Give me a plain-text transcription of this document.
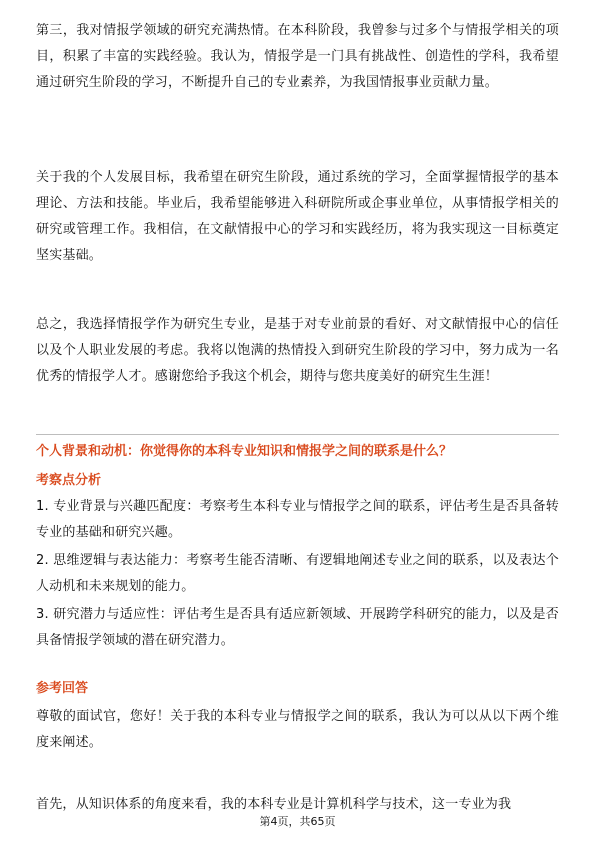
第三，我对情报学领域的研究充满热情。在本科阶段，我曾参与过多个与情报学相关的项目，积累了丰富的实践经验。我认为，情报学是一门具有挑战性、创造性的学科，我希望通过研究生阶段的学习，不断提升自己的专业素养，为我国情报事业贡献力量。
关于我的个人发展目标，我希望在研究生阶段，通过系统的学习，全面掌握情报学的基本理论、方法和技能。毕业后，我希望能够进入科研院所或企事业单位，从事情报学相关的研究或管理工作。我相信，在文献情报中心的学习和实践经历，将为我实现这一目标奠定坚实基础。
总之，我选择情报学作为研究生专业，是基于对专业前景的看好、对文献情报中心的信任以及个人职业发展的考虑。我将以饱满的热情投入到研究生阶段的学习中，努力成为一名优秀的情报学人才。感谢您给予我这个机会，期待与您共度美好的研究生生涯！
个人背景和动机：你觉得你的本科专业知识和情报学之间的联系是什么？
考察点分析
1. 专业背景与兴趣匹配度：考察考生本科专业与情报学之间的联系，评估考生是否具备转专业的基础和研究兴趣。
2. 思维逻辑与表达能力：考察考生能否清晰、有逻辑地阐述专业之间的联系，以及表达个人动机和未来规划的能力。
3. 研究潜力与适应性：评估考生是否具有适应新领域、开展跨学科研究的能力，以及是否具备情报学领域的潜在研究潜力。
参考回答
尊敬的面试官，您好！关于我的本科专业与情报学之间的联系，我认为可以从以下两个维度来阐述。
首先，从知识体系的角度来看，我的本科专业是计算机科学与技术，这一专业为我
第4页，共65页
